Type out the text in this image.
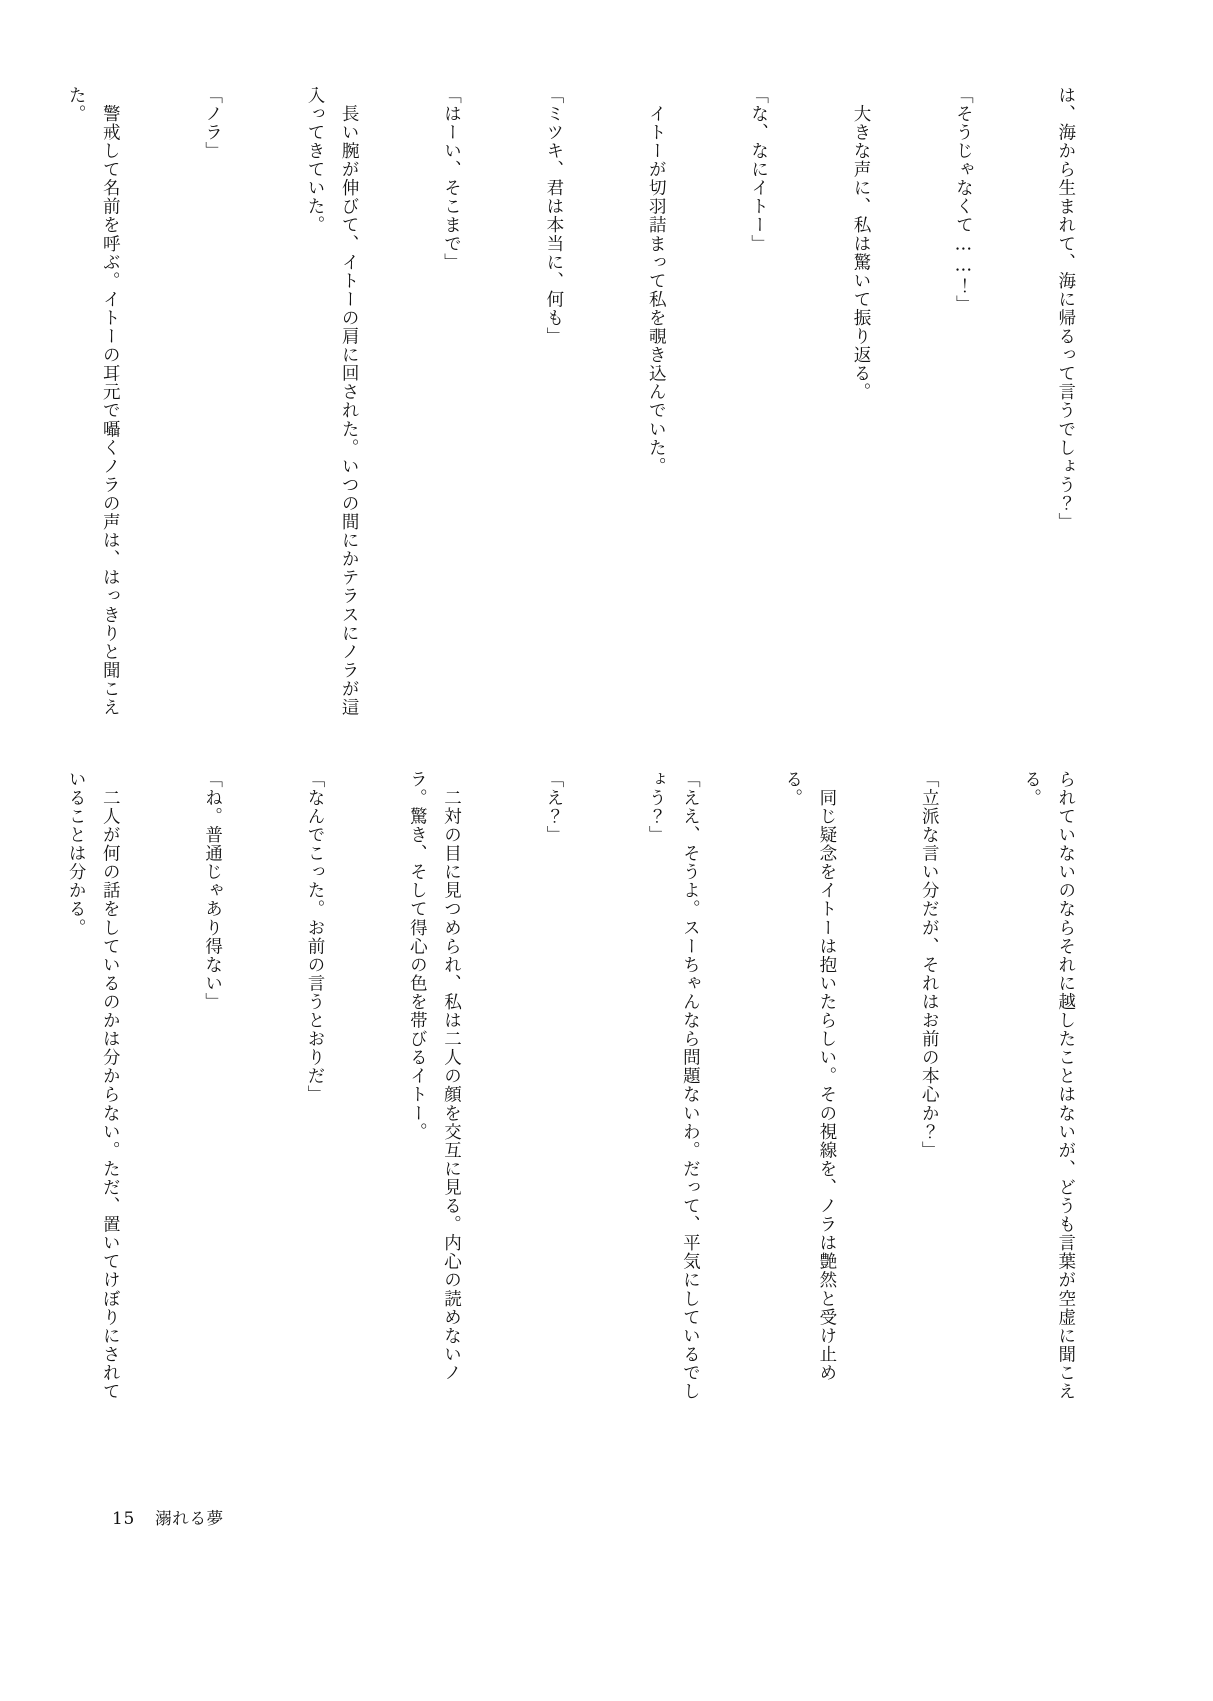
は、海から生まれて、海に帰るって言うでしょう？」

「そうじゃなくて……！」

　大きな声に、私は驚いて振り返る。

「な、なにイトー」

　イトーが切羽詰まって私を覗き込んでいた。

「ミツキ、君は本当に、何も」

「はーい、そこまで」

　長い腕が伸びて、イトーの肩に回された。いつの間にかテラスにノラが這入ってきていた。

「ノラ」

　警戒して名前を呼ぶ。イトーの耳元で囁くノラの声は、はっきりと聞こえた。

られていないのならそれに越したことはないが、どうも言葉が空虚に聞こえる。

「立派な言い分だが、それはお前の本心か？」

　同じ疑念をイトーは抱いたらしい。その視線を、ノラは艶然と受け止める。

「ええ、そうよ。スーちゃんなら問題ないわ。だって、平気にしているでしょう？」

「え？」

　二対の目に見つめられ、私は二人の顔を交互に見る。内心の読めないノラ。驚き、そして得心の色を帯びるイトー。

「なんでこった。お前の言うとおりだ」

「ね。普通じゃあり得ない」

　二人が何の話をしているのかは分からない。ただ、置いてけぼりにされていることは分かる。

15 溺れる夢
